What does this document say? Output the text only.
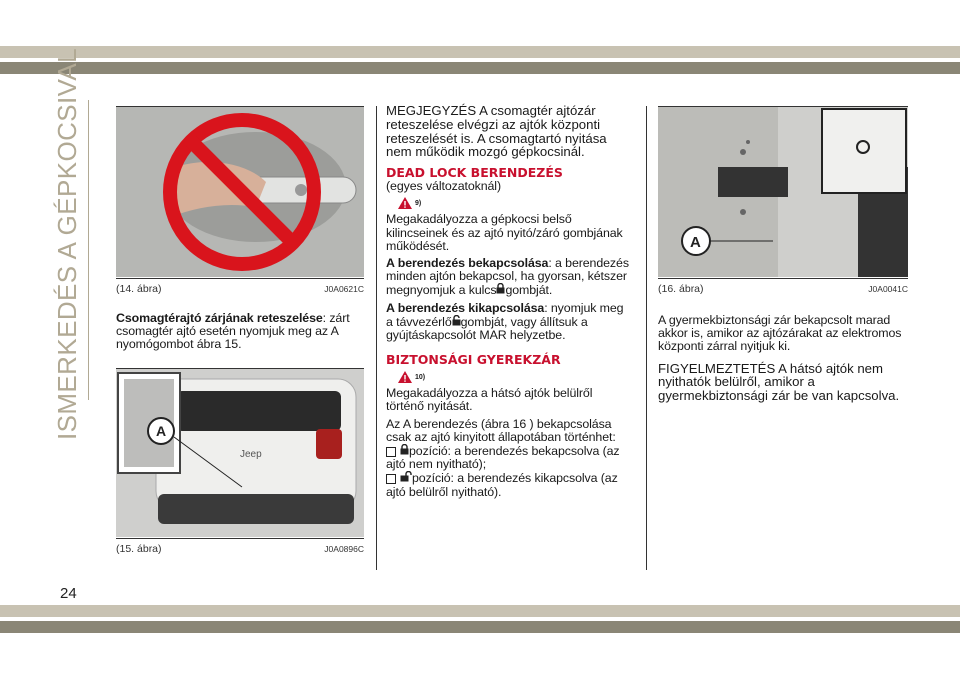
ISMERKEDÉS A GÉPKOCSIVAL
24
(14. ábra)	J0A0621C
Csomagtérajtó zárjának reteszelése: zárt csomagtér ajtó esetén nyomjuk meg az A nyomógombot ábra 15.
Jeep
A
(15. ábra)	J0A0896C

MEGJEGYZÉS A csomagtér ajtózár reteszelése elvégzi az ajtók központi reteszelését is. A csomagtartó nyitása nem működik mozgó gépkocsinál.

DEAD LOCK BERENDEZÉS

(egyes változatoknál)

9)

Megakadályozza a gépkocsi belső kilincseinek és az ajtó nyitó/záró gombjának működését.

A berendezés bekapcsolása: a berendezés minden ajtón bekapcsol, ha gyorsan, kétszer megnyomjuk a kulcs gombját.

A berendezés kikapcsolása: nyomjuk meg a távvezérlő gombját, vagy állítsuk a gyújtáskapcsolót MAR helyzetbe.

BIZTONSÁGI GYEREKZÁR

10)

Megakadályozza a hátsó ajtók belülről történő nyitását.

Az A berendezés (ábra 16 ) bekapcsolása csak az ajtó kinyitott állapotában történhet:

pozíció: a berendezés bekapcsolva (az ajtó nem nyitható);

pozíció: a berendezés kikapcsolva (az ajtó belülről nyitható).

A
(16. ábra)	J0A0041C

A gyermekbiztonsági zár bekapcsolt marad akkor is, amikor az ajtózárakat az elektromos központi zárral nyitjuk ki.

FIGYELMEZTETÉS A hátsó ajtók nem nyithatók belülről, amikor a gyermekbiztonsági zár be van kapcsolva.
